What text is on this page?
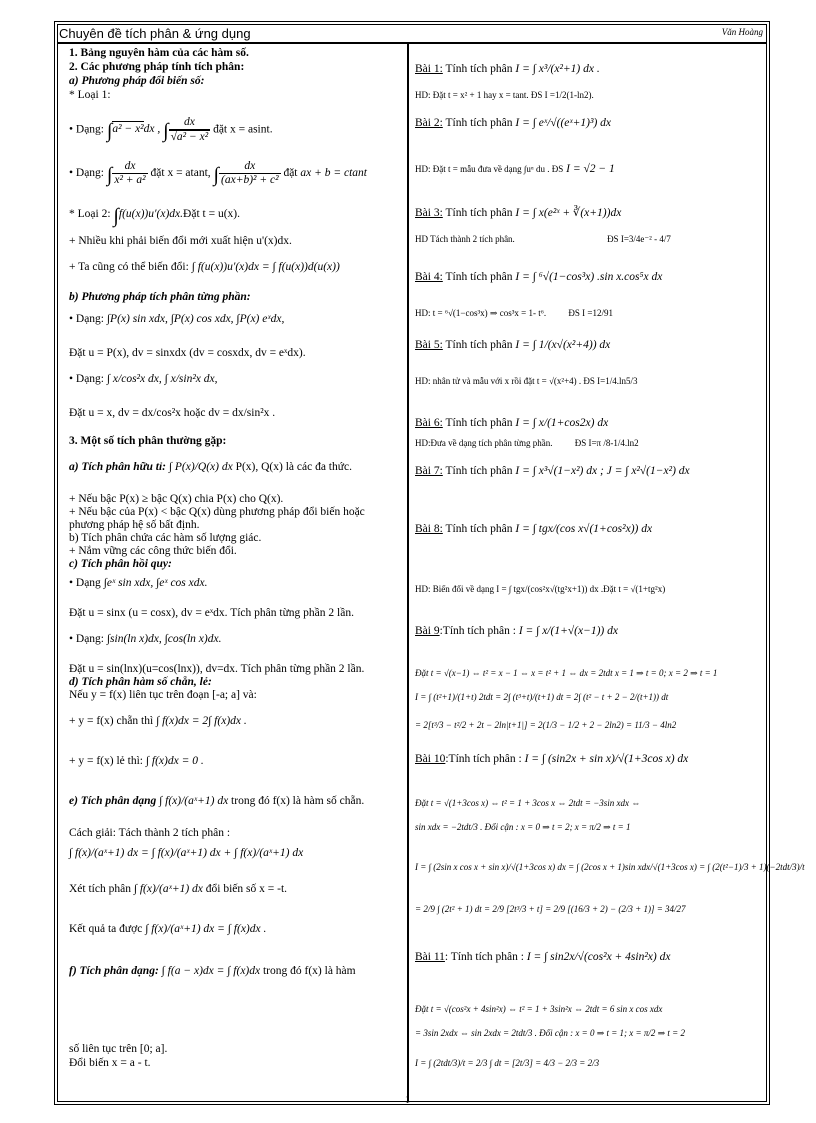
Chuyên đề tích phân & ứng dụng	Văn Hoàng
1
1. Bảng nguyên hàm của các hàm số.
2. Các phương pháp tính tích phân:
a) Phương pháp đổi biến số:
* Loại 1:
• Dạng: ∫a² − x²dx , ∫ $\frac{dx}{\text{√a² − x²}}$ đặt x = asint.
• Dạng: ∫ $\frac{dx}{\text{x² + a²}}$ đặt x = atant, ∫ $\frac{dx}{\text{(ax+b)² + c²}}$ đặt ax + b = ctant
* Loại 2: ∫f(u(x))u′(x)dx.Đặt t = u(x).
+ Nhiều khi phải biến đổi mới xuất hiện u'(x)dx.
+ Ta cũng có thể biến đổi: ∫ f(u(x))u′(x)dx = ∫ f(u(x))d(u(x))
b) Phương pháp tích phân từng phần:
• Dạng: ∫P(x) sin xdx, ∫P(x) cos xdx, ∫P(x) eˣdx,
Đặt u = P(x), dv = sinxdx (dv = cosxdx, dv = eˣdx).
• Dạng: ∫ x/cos²x dx, ∫ x/sin²x dx,
Đặt u = x, dv = dx/cos²x hoặc dv = dx/sin²x .
3. Một số tích phân thường gặp:
a) Tích phân hữu tỉ: ∫ P(x)/Q(x) dx P(x), Q(x) là các đa thức.
+ Nếu bậc P(x) ≥ bậc Q(x) chia P(x) cho Q(x).
+ Nếu bậc của P(x) < bậc Q(x) dùng phương pháp đổi biến hoặc
phương pháp hệ số bất định.
b) Tích phân chứa các hàm số lượng giác.
+ Nắm vững các công thức biến đổi.
c) Tích phân hồi quy:
• Dạng ∫eˣ sin xdx, ∫eˣ cos xdx.
Đặt u = sinx (u = cosx), dv = eˣdx. Tích phân từng phần 2 lần.
• Dạng: ∫sin(ln x)dx, ∫cos(ln x)dx.
Đặt u = sin(lnx)(u=cos(lnx)), dv=dx. Tích phân từng phần 2 lần.
d) Tích phân hàm số chẵn, lẻ:
Nếu y = f(x) liên tục trên đoạn [-a; a] và:
+ y = f(x) chẵn thì ∫ f(x)dx = 2∫ f(x)dx .
+ y = f(x) lẻ thì: ∫ f(x)dx = 0 .
e) Tích phân dạng ∫ f(x)/(aˣ+1) dx trong đó f(x) là hàm số chẵn.
Cách giải: Tách thành 2 tích phân :
∫ f(x)/(aˣ+1) dx = ∫ f(x)/(aˣ+1) dx + ∫ f(x)/(aˣ+1) dx
Xét tích phân ∫ f(x)/(aˣ+1) dx đổi biến số x = -t.
Kết quả ta được ∫ f(x)/(aˣ+1) dx = ∫ f(x)dx .
f) Tích phân dạng: ∫ f(a − x)dx = ∫ f(x)dx trong đó f(x) là hàm
số liên tục trên [0; a].
Đổi biến x = a - t.
Bài 1: Tính tích phân I = ∫ x³/(x²+1) dx .
HD: Đặt t = x² + 1 hay x = tant. ĐS I =1/2(1-ln2).
Bài 2: Tính tích phân I = ∫ eˣ/√((eˣ+1)³) dx
HD: Đặt t = mẫu đưa về dạng ∫uᵅ du . ĐS I = √2 − 1
Bài 3: Tính tích phân I = ∫ x(e²ˣ + ∛(x+1))dx
HD Tách thành 2 tích phân.	ĐS I=3/4e⁻² - 4/7
Bài 4: Tính tích phân I = ∫ ⁶√(1−cos³x) .sin x.cos⁵x dx
HD: t = ⁶√(1−cos³x) ⇒ cos³x = 1- t⁶. ĐS I =12/91
Bài 5: Tính tích phân I = ∫ 1/(x√(x²+4)) dx
HD: nhân tử và mẫu với x rồi đặt t = √(x²+4) . ĐS I=1/4.ln5/3
Bài 6: Tính tích phân I = ∫ x/(1+cos2x) dx
HD:Đưa về dạng tích phân từng phần. ĐS I=π /8-1/4.ln2
Bài 7: Tính tích phân I = ∫ x³√(1−x²) dx ; J = ∫ x²√(1−x²) dx
Bài 8: Tính tích phân I = ∫ tgx/(cos x√(1+cos²x)) dx
HD: Biến đổi về dạng I = ∫ tgx/(cos²x√(tg²x+1)) dx .Đặt t = √(1+tg²x)
Bài 9:Tính tích phân : I = ∫ x/(1+√(x−1)) dx
Đặt t = √(x−1) ⇔ t² = x − 1 ⇔ x = t² + 1 ⇔ dx = 2tdt x = 1 ⇒ t = 0; x = 2 ⇒ t = 1
I = ∫ (t²+1)/(1+t) 2tdt = 2∫ (t³+t)/(t+1) dt = 2∫ (t² − t + 2 − 2/(t+1)) dt
= 2[t³/3 − t²/2 + 2t − 2ln|t+1|] = 2(1/3 − 1/2 + 2 − 2ln2) = 11/3 − 4ln2
Bài 10:Tính tích phân : I = ∫ (sin2x + sin x)/√(1+3cos x) dx
Đặt t = √(1+3cos x) ⇔ t² = 1 + 3cos x ⇔ 2tdt = −3sin xdx ⇔
sin xdx = −2tdt/3 . Đổi cận : x = 0 ⇒ t = 2; x = π/2 ⇒ t = 1
I = ∫ (2sin x cos x + sin x)/√(1+3cos x) dx = ∫ (2cos x + 1)sin xdx/√(1+3cos x) = ∫ (2(t²−1)/3 + 1)(−2tdt/3)/t
= 2/9 ∫ (2t² + 1) dt = 2/9 [2t³/3 + t] = 2/9 [(16/3 + 2) − (2/3 + 1)] = 34/27
Bài 11: Tính tích phân : I = ∫ sin2x/√(cos²x + 4sin²x) dx
Đặt t = √(cos²x + 4sin²x) ⇔ t² = 1 + 3sin²x ⇔ 2tdt = 6 sin x cos xdx
= 3sin 2xdx ⇔ sin 2xdx = 2tdt/3 . Đổi cận : x = 0 ⇒ t = 1; x = π/2 ⇒ t = 2
I = ∫ (2tdt/3)/t = 2/3 ∫ dt = [2t/3] = 4/3 − 2/3 = 2/3
